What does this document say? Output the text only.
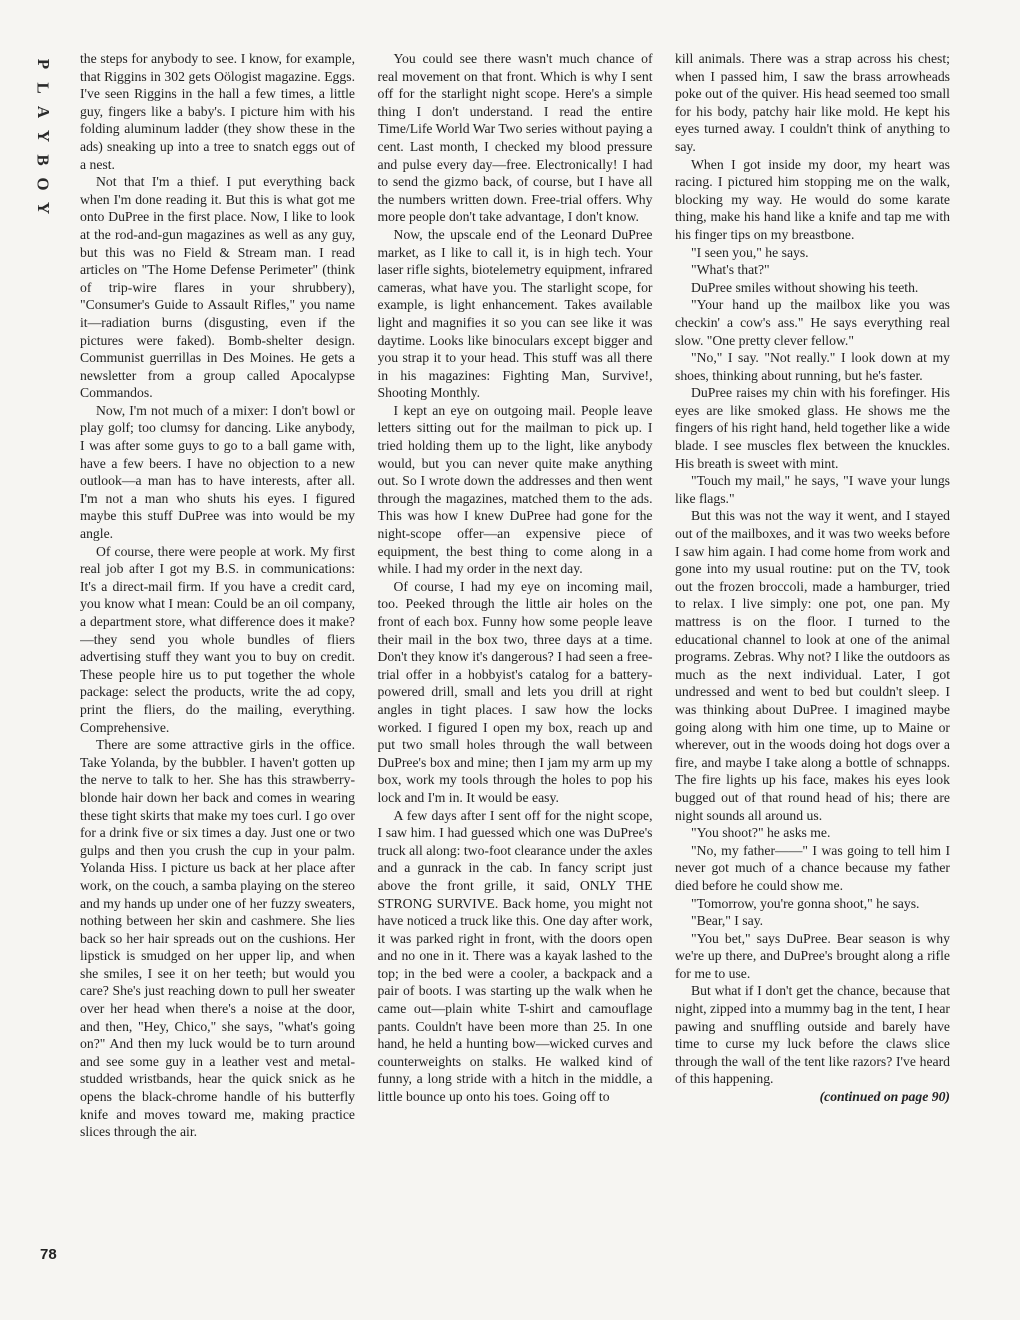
P
L
A
Y
B
O
Y

the steps for anybody to see. I know, for example, that Riggins in 302 gets Oölogist magazine. Eggs. I've seen Riggins in the hall a few times, a little guy, fingers like a baby's. I picture him with his folding aluminum ladder (they show these in the ads) sneaking up into a tree to snatch eggs out of a nest.

Not that I'm a thief. I put everything back when I'm done reading it. But this is what got me onto DuPree in the first place. Now, I like to look at the rod-and-gun magazines as well as any guy, but this was no Field & Stream man. I read articles on "The Home Defense Perimeter" (think of trip-wire flares in your shrubbery), "Consumer's Guide to Assault Rifles," you name it—radiation burns (disgusting, even if the pictures were faked). Bomb-shelter design. Communist guerrillas in Des Moines. He gets a newsletter from a group called Apocalypse Commandos.

Now, I'm not much of a mixer: I don't bowl or play golf; too clumsy for dancing. Like anybody, I was after some guys to go to a ball game with, have a few beers. I have no objection to a new outlook—a man has to have interests, after all. I'm not a man who shuts his eyes. I figured maybe this stuff DuPree was into would be my angle.

Of course, there were people at work. My first real job after I got my B.S. in communications: It's a direct-mail firm. If you have a credit card, you know what I mean: Could be an oil company, a department store, what difference does it make?—they send you whole bundles of fliers advertising stuff they want you to buy on credit. These people hire us to put together the whole package: select the products, write the ad copy, print the fliers, do the mailing, everything. Comprehensive.

There are some attractive girls in the office. Take Yolanda, by the bubbler. I haven't gotten up the nerve to talk to her. She has this strawberry-blonde hair down her back and comes in wearing these tight skirts that make my toes curl. I go over for a drink five or six times a day. Just one or two gulps and then you crush the cup in your palm. Yolanda Hiss. I picture us back at her place after work, on the couch, a samba playing on the stereo and my hands up under one of her fuzzy sweaters, nothing between her skin and cashmere. She lies back so her hair spreads out on the cushions. Her lipstick is smudged on her upper lip, and when she smiles, I see it on her teeth; but would you care? She's just reaching down to pull her sweater over her head when there's a noise at the door, and then, "Hey, Chico," she says, "what's going on?" And then my luck would be to turn around and see some guy in a leather vest and metal-studded wristbands, hear the quick snick as he opens the black-chrome handle of his butterfly knife and moves toward me, making practice slices through the air.

You could see there wasn't much chance of real movement on that front. Which is why I sent off for the starlight night scope. Here's a simple thing I don't understand. I read the entire Time/Life World War Two series without paying a cent. Last month, I checked my blood pressure and pulse every day—free. Electronically! I had to send the gizmo back, of course, but I have all the numbers written down. Free-trial offers. Why more people don't take advantage, I don't know.

Now, the upscale end of the Leonard DuPree market, as I like to call it, is in high tech. Your laser rifle sights, biotelemetry equipment, infrared cameras, what have you. The starlight scope, for example, is light enhancement. Takes available light and magnifies it so you can see like it was daytime. Looks like binoculars except bigger and you strap it to your head. This stuff was all there in his magazines: Fighting Man, Survive!, Shooting Monthly.

I kept an eye on outgoing mail. People leave letters sitting out for the mailman to pick up. I tried holding them up to the light, like anybody would, but you can never quite make anything out. So I wrote down the addresses and then went through the magazines, matched them to the ads. This was how I knew DuPree had gone for the night-scope offer—an expensive piece of equipment, the best thing to come along in a while. I had my order in the next day.

Of course, I had my eye on incoming mail, too. Peeked through the little air holes on the front of each box. Funny how some people leave their mail in the box two, three days at a time. Don't they know it's dangerous? I had seen a free-trial offer in a hobbyist's catalog for a battery-powered drill, small and lets you drill at right angles in tight places. I saw how the locks worked. I figured I open my box, reach up and put two small holes through the wall between DuPree's box and mine; then I jam my arm up my box, work my tools through the holes to pop his lock and I'm in. It would be easy.

A few days after I sent off for the night scope, I saw him. I had guessed which one was DuPree's truck all along: two-foot clearance under the axles and a gunrack in the cab. In fancy script just above the front grille, it said, ONLY THE STRONG SURVIVE. Back home, you might not have noticed a truck like this. One day after work, it was parked right in front, with the doors open and no one in it. There was a kayak lashed to the top; in the bed were a cooler, a backpack and a pair of boots. I was starting up the walk when he came out—plain white T-shirt and camouflage pants. Couldn't have been more than 25. In one hand, he held a hunting bow—wicked curves and counterweights on stalks. He walked kind of funny, a long stride with a hitch in the middle, a little bounce up onto his toes. Going off to

kill animals. There was a strap across his chest; when I passed him, I saw the brass arrowheads poke out of the quiver. His head seemed too small for his body, patchy hair like mold. He kept his eyes turned away. I couldn't think of anything to say.

When I got inside my door, my heart was racing. I pictured him stopping me on the walk, blocking my way. He would do some karate thing, make his hand like a knife and tap me with his finger tips on my breastbone.

"I seen you," he says.

"What's that?"

DuPree smiles without showing his teeth.

"Your hand up the mailbox like you was checkin' a cow's ass." He says everything real slow. "One pretty clever fellow."

"No," I say. "Not really." I look down at my shoes, thinking about running, but he's faster.

DuPree raises my chin with his forefinger. His eyes are like smoked glass. He shows me the fingers of his right hand, held together like a wide blade. I see muscles flex between the knuckles. His breath is sweet with mint.

"Touch my mail," he says, "I wave your lungs like flags."

But this was not the way it went, and I stayed out of the mailboxes, and it was two weeks before I saw him again. I had come home from work and gone into my usual routine: put on the TV, took out the frozen broccoli, made a hamburger, tried to relax. I live simply: one pot, one pan. My mattress is on the floor. I turned to the educational channel to look at one of the animal programs. Zebras. Why not? I like the outdoors as much as the next individual. Later, I got undressed and went to bed but couldn't sleep. I was thinking about DuPree. I imagined maybe going along with him one time, up to Maine or wherever, out in the woods doing hot dogs over a fire, and maybe I take along a bottle of schnapps. The fire lights up his face, makes his eyes look bugged out of that round head of his; there are night sounds all around us.

"You shoot?" he asks me.

"No, my father——" I was going to tell him I never got much of a chance because my father died before he could show me.

"Tomorrow, you're gonna shoot," he says.

"Bear," I say.

"You bet," says DuPree. Bear season is why we're up there, and DuPree's brought along a rifle for me to use.

But what if I don't get the chance, because that night, zipped into a mummy bag in the tent, I hear pawing and snuffling outside and barely have time to curse my luck before the claws slice through the wall of the tent like razors? I've heard of this happening.

(continued on page 90)

78
